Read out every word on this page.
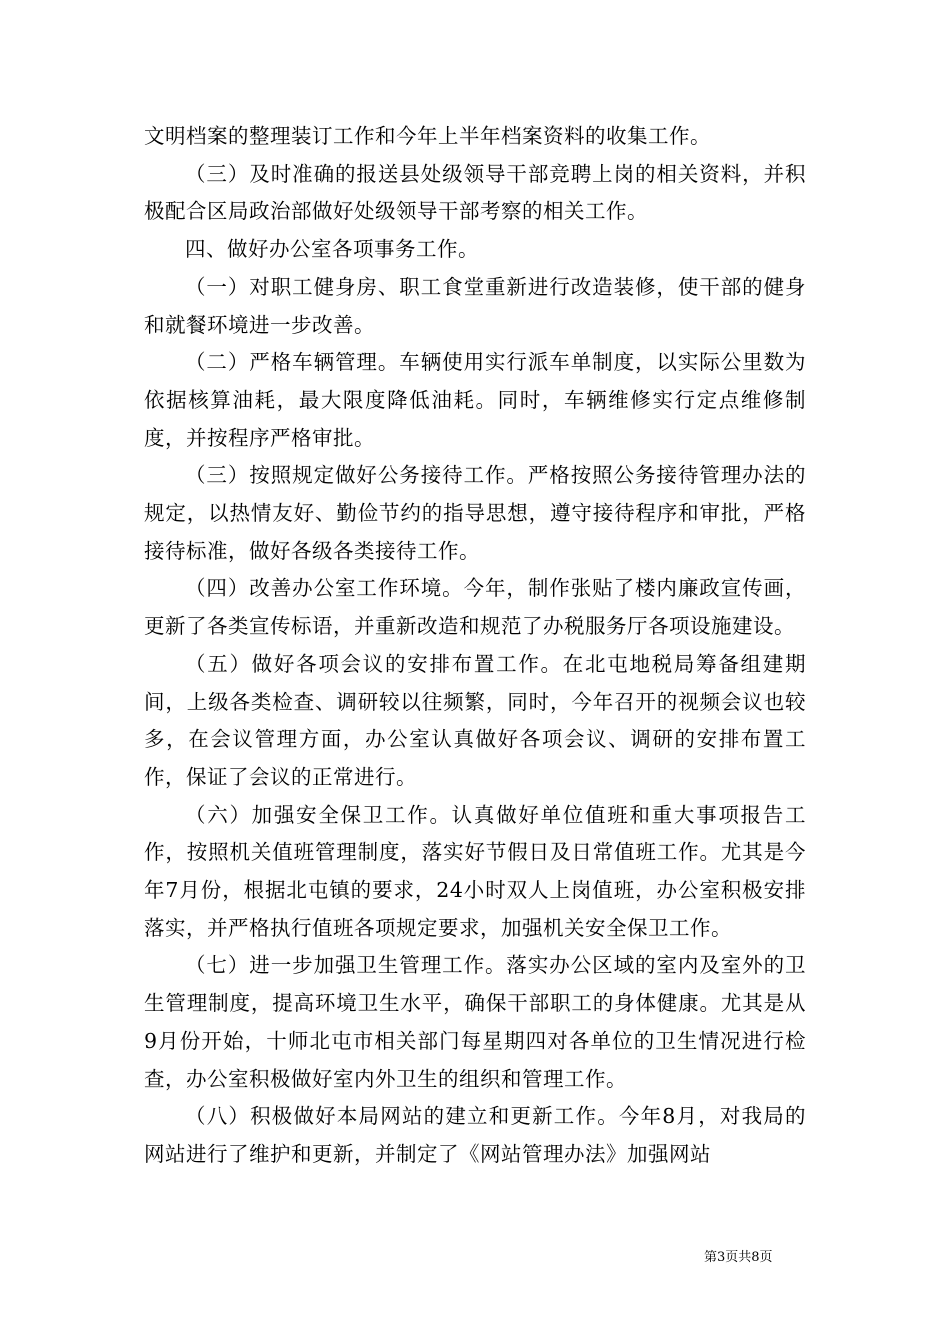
文明档案的整理装订工作和今年上半年档案资料的收集工作。

（三）及时准确的报送县处级领导干部竞聘上岗的相关资料，并积极配合区局政治部做好处级领导干部考察的相关工作。

四、做好办公室各项事务工作。

（一）对职工健身房、职工食堂重新进行改造装修，使干部的健身和就餐环境进一步改善。

（二）严格车辆管理。车辆使用实行派车单制度，以实际公里数为依据核算油耗，最大限度降低油耗。同时，车辆维修实行定点维修制度，并按程序严格审批。

（三）按照规定做好公务接待工作。严格按照公务接待管理办法的规定，以热情友好、勤俭节约的指导思想，遵守接待程序和审批，严格接待标准，做好各级各类接待工作。

（四）改善办公室工作环境。今年，制作张贴了楼内廉政宣传画，更新了各类宣传标语，并重新改造和规范了办税服务厅各项设施建设。

（五）做好各项会议的安排布置工作。在北屯地税局筹备组建期间，上级各类检查、调研较以往频繁，同时，今年召开的视频会议也较多，在会议管理方面，办公室认真做好各项会议、调研的安排布置工作，保证了会议的正常进行。

（六）加强安全保卫工作。认真做好单位值班和重大事项报告工作，按照机关值班管理制度，落实好节假日及日常值班工作。尤其是今年7月份，根据北屯镇的要求，24小时双人上岗值班，办公室积极安排落实，并严格执行值班各项规定要求，加强机关安全保卫工作。

（七）进一步加强卫生管理工作。落实办公区域的室内及室外的卫生管理制度，提高环境卫生水平，确保干部职工的身体健康。尤其是从9月份开始，十师北屯市相关部门每星期四对各单位的卫生情况进行检查，办公室积极做好室内外卫生的组织和管理工作。

（八）积极做好本局网站的建立和更新工作。今年8月，对我局的网站进行了维护和更新，并制定了《网站管理办法》加强网站

第3页共8页
